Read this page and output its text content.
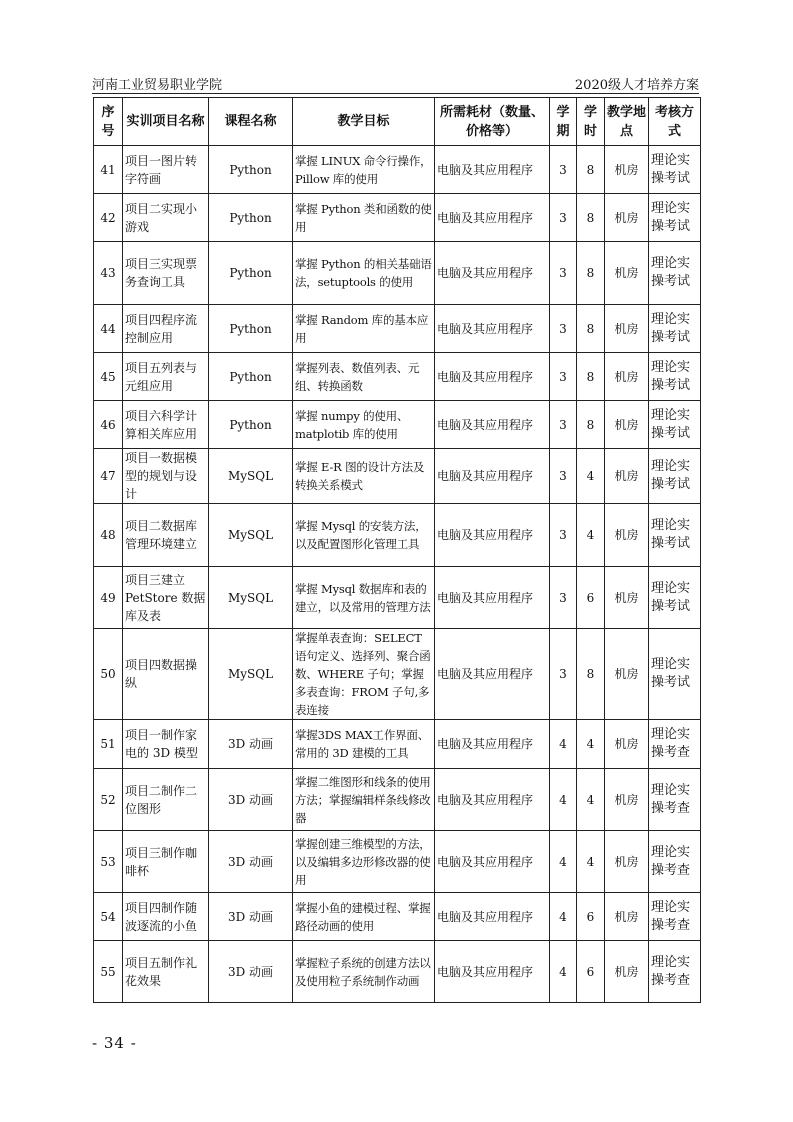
河南工业贸易职业学院	2020级人才培养方案
序号	实训项目名称	课程名称	教学目标	所需耗材（数量、价格等）	学期	学时	教学地点	考核方式
41	项目一图片转字符画	Python	掌握 LINUX 命令行操作，Pillow 库的使用	电脑及其应用程序	3	8	机房	理论实操考试
42	项目二实现小游戏	Python	掌握 Python 类和函数的使用	电脑及其应用程序	3	8	机房	理论实操考试
43	项目三实现票务查询工具	Python	掌握 Python 的相关基础语法，setuptools 的使用	电脑及其应用程序	3	8	机房	理论实操考试
44	项目四程序流控制应用	Python	掌握 Random 库的基本应用	电脑及其应用程序	3	8	机房	理论实操考试
45	项目五列表与元组应用	Python	掌握列表、数值列表、元组、转换函数	电脑及其应用程序	3	8	机房	理论实操考试
46	项目六科学计算相关库应用	Python	掌握 numpy 的使用、matplotib 库的使用	电脑及其应用程序	3	8	机房	理论实操考试
47	项目一数据模型的规划与设计	MySQL	掌握 E-R 图的设计方法及转换关系模式	电脑及其应用程序	3	4	机房	理论实操考试
48	项目二数据库管理环境建立	MySQL	掌握 Mysql 的安装方法，以及配置图形化管理工具	电脑及其应用程序	3	4	机房	理论实操考试
49	项目三建立PetStore 数据库及表	MySQL	掌握 Mysql 数据库和表的建立，以及常用的管理方法	电脑及其应用程序	3	6	机房	理论实操考试
50	项目四数据操纵	MySQL	掌握单表查询：SELECT 语句定义、选择列、聚合函数、WHERE 子句；掌握多表查询：FROM 子句,多表连接	电脑及其应用程序	3	8	机房	理论实操考试
51	项目一制作家电的 3D 模型	3D 动画	掌握3DS MAX工作界面、常用的 3D 建模的工具	电脑及其应用程序	4	4	机房	理论实操考查
52	项目二制作二位图形	3D 动画	掌握二维图形和线条的使用方法；掌握编辑样条线修改器	电脑及其应用程序	4	4	机房	理论实操考查
53	项目三制作咖啡杯	3D 动画	掌握创建三维模型的方法，以及编辑多边形修改器的使用	电脑及其应用程序	4	4	机房	理论实操考查
54	项目四制作随波逐流的小鱼	3D 动画	掌握小鱼的建模过程、掌握路径动画的使用	电脑及其应用程序	4	6	机房	理论实操考查
55	项目五制作礼花效果	3D 动画	掌握粒子系统的创建方法以及使用粒子系统制作动画	电脑及其应用程序	4	6	机房	理论实操考查
- 34 -
